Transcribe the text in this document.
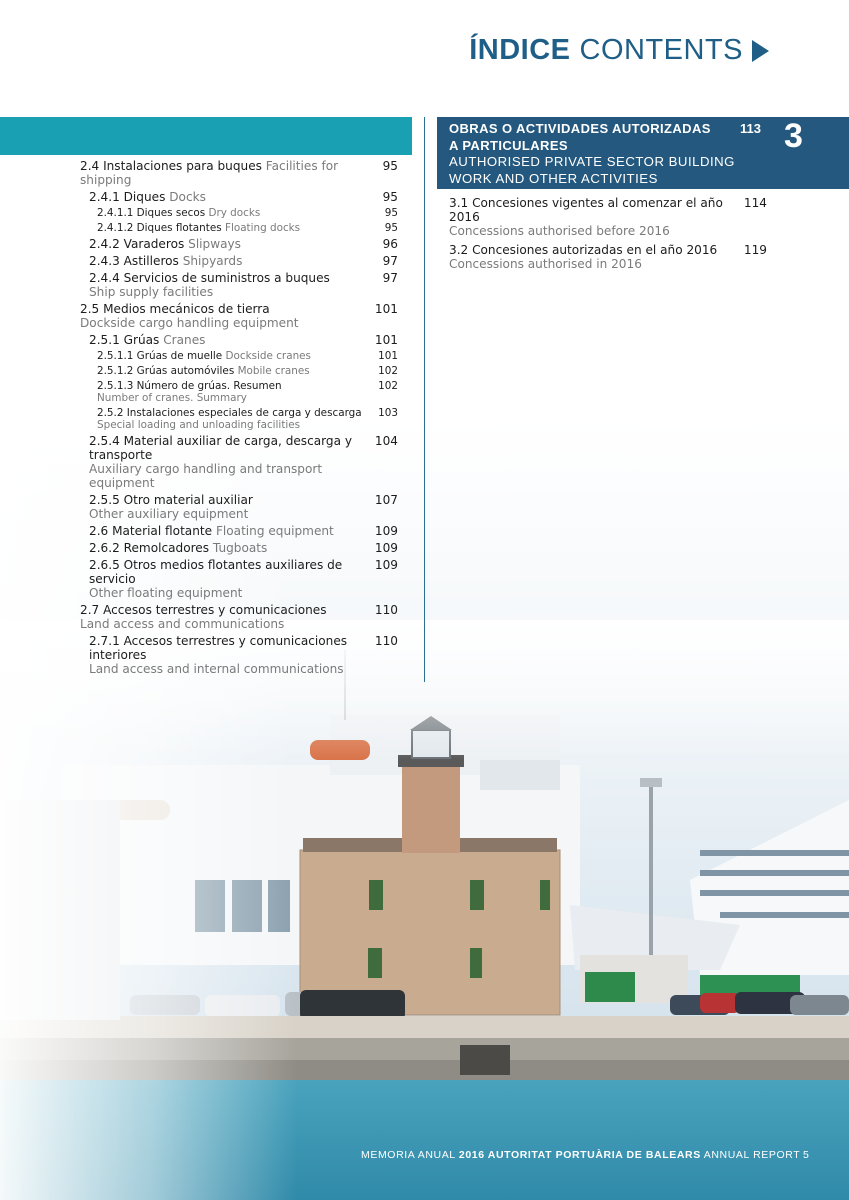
ÍNDICE CONTENTS
2.4 Instalaciones para buques Facilities for shipping
95
2.4.1 Diques Docks	95
2.4.1.1 Diques secos Dry docks	95
2.4.1.2 Diques flotantes Floating docks	95
2.4.2 Varaderos Slipways	96
2.4.3 Astilleros Shipyards	97
2.4.4 Servicios de suministros a buques
Ship supply facilities
97
2.5 Medios mecánicos de tierra
Dockside cargo handling equipment
101
2.5.1 Grúas Cranes	101
2.5.1.1 Grúas de muelle Dockside cranes	101
2.5.1.2 Grúas automóviles Mobile cranes	102
2.5.1.3 Número de grúas. Resumen
Number of cranes. Summary
102
2.5.2 Instalaciones especiales de carga y descarga
Special loading and unloading facilities
103
2.5.4 Material auxiliar de carga, descarga y transporte
Auxiliary cargo handling and transport equipment
104
2.5.5 Otro material auxiliar
Other auxiliary equipment
107
2.6 Material flotante Floating equipment	109
2.6.2 Remolcadores Tugboats	109
2.6.5 Otros medios flotantes auxiliares de servicio
Other floating equipment
109
2.7 Accesos terrestres y comunicaciones
Land access and communications
110
2.7.1 Accesos terrestres y comunicaciones interiores
Land access and internal communications
110
OBRAS O ACTIVIDADES AUTORIZADAS A PARTICULARES
AUTHORISED PRIVATE SECTOR BUILDING WORK AND OTHER ACTIVITIES
113 3
3.1 Concesiones vigentes al comenzar el año 2016
Concessions authorised before 2016
114
3.2 Concesiones autorizadas en el año 2016
Concessions authorised in 2016
119
MEMORIA ANUAL 2016 AUTORITAT PORTUÀRIA DE BALEARS ANNUAL REPORT 5
